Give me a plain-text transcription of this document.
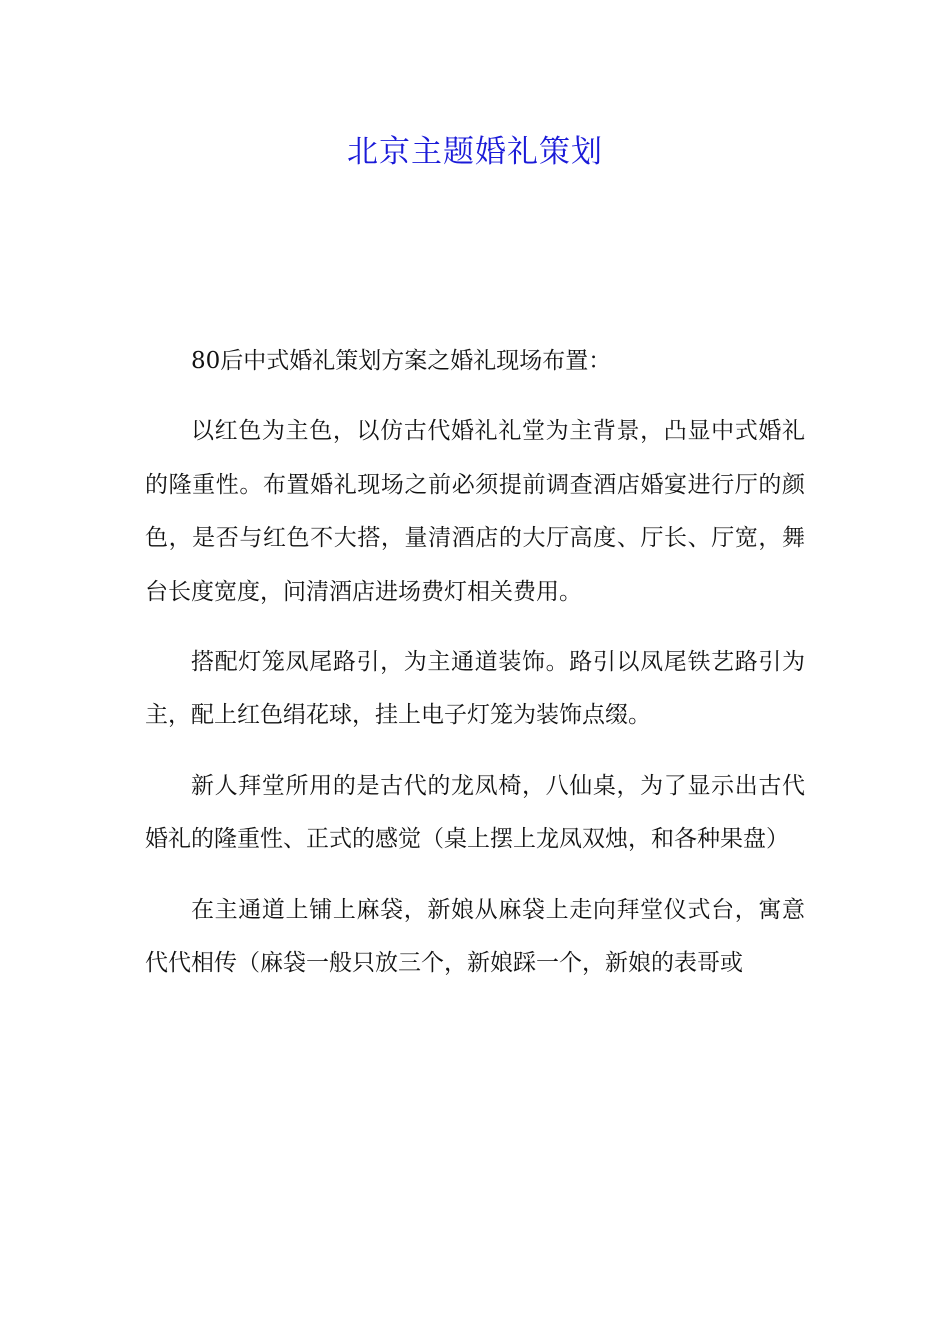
北京主题婚礼策划

80后中式婚礼策划方案之婚礼现场布置：

以红色为主色，以仿古代婚礼礼堂为主背景，凸显中式婚礼的隆重性。布置婚礼现场之前必须提前调查酒店婚宴进行厅的颜色，是否与红色不大搭，量清酒店的大厅高度、厅长、厅宽，舞台长度宽度，问清酒店进场费灯相关费用。

搭配灯笼凤尾路引，为主通道装饰。路引以凤尾铁艺路引为主，配上红色绢花球，挂上电子灯笼为装饰点缀。

新人拜堂所用的是古代的龙凤椅，八仙桌，为了显示出古代婚礼的隆重性、正式的感觉（桌上摆上龙凤双烛，和各种果盘）

在主通道上铺上麻袋，新娘从麻袋上走向拜堂仪式台，寓意代代相传（麻袋一般只放三个，新娘踩一个，新娘的表哥或
